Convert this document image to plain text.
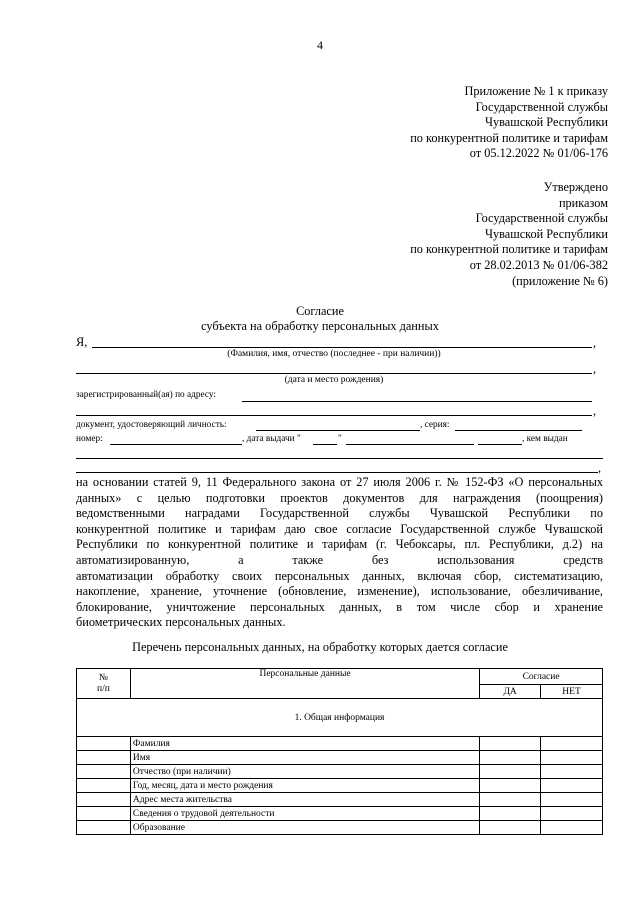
4
Приложение № 1 к приказу
Государственной службы
Чувашской Республики
по конкурентной политике и тарифам
от 05.12.2022 № 01/06-176
Утверждено
приказом
Государственной службы
Чувашской Республики
по конкурентной политике и тарифам
от 28.02.2013 № 01/06-382
(приложение № 6)
Согласие
субъекта на обработку персональных данных
Я,	,
(Фамилия, имя, отчество (последнее - при наличии))
,
(дата и место рождения)
зарегистрированный(ая) по адресу:
,
документ, удостоверяющий личность:	, серия:
номер:	, дата выдачи "	"	, кем выдан
,
на основании статей 9, 11 Федерального закона от 27 июля 2006 г. № 152-ФЗ «О персональных
данных» с целью подготовки проектов документов для награждения (поощрения)
ведомственными наградами Государственной службы Чувашской Республики по
конкурентной политике и тарифам даю свое согласие Государственной службе Чувашской
Республики по конкурентной политике и тарифам (г. Чебоксары, пл. Республики, д.2) на
автоматизированную, а также без использования средств
автоматизации обработку своих персональных данных, включая сбор, систематизацию,
накопление, хранение, уточнение (обновление, изменение), использование, обезличивание,
блокирование, уничтожение персональных данных, в том числе сбор и хранение
биометрических персональных данных.
Перечень персональных данных, на обработку которых дается согласие
№
п/п	Персональные данные	Согласие	
		ДА	НЕТ
1. Общая информация			
	Фамилия		
	Имя		
	Отчество (при наличии)		
	Год, месяц, дата и место рождения		
	Адрес места жительства		
	Сведения о трудовой деятельности		
	Образование		
